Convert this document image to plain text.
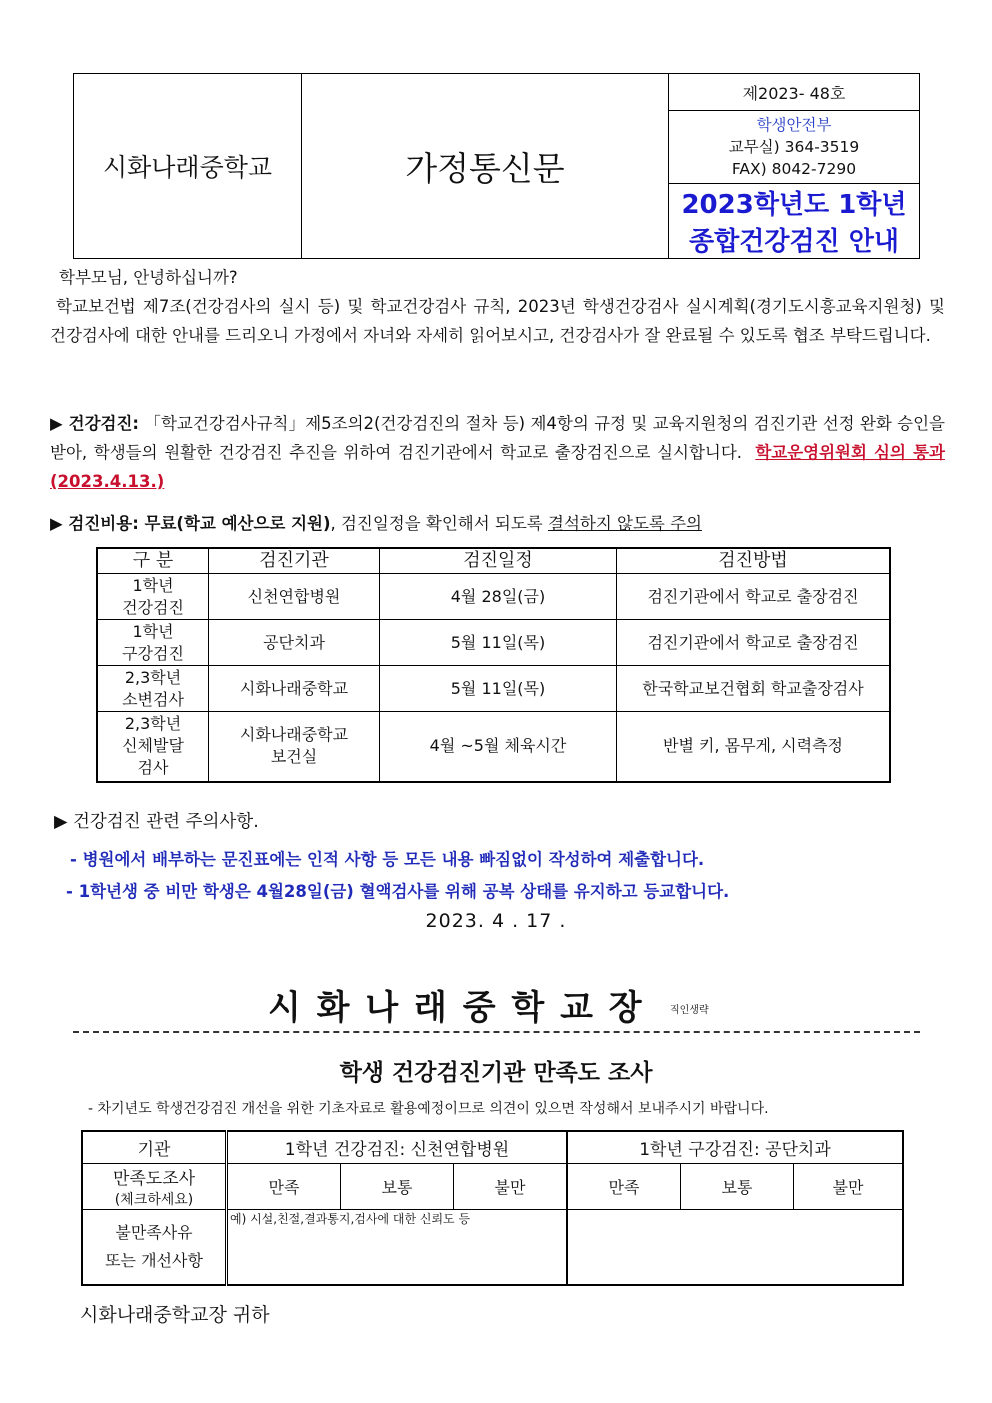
시화나래중학교	가정통신문	제2023- 48호

학생안전부
교무실) 364-3519
FAX) 8042-7290

2023학년도 1학년 종합건강검진 안내
학부모님, 안녕하십니까?
학교보건법 제7조(건강검사의 실시 등) 및 학교건강검사 규칙, 2023년 학생건강검사 실시계획(경기도시흥교육지원청) 및 건강검사에 대한 안내를 드리오니 가정에서 자녀와 자세히 읽어보시고, 건강검사가 잘 완료될 수 있도록 협조 부탁드립니다.
▶ 건강검진: 「학교건강검사규칙」제5조의2(건강검진의 절차 등) 제4항의 규정 및 교육지원청의 검진기관 선정 완화 승인을 받아, 학생들의 원활한 건강검진 추진을 위하여 검진기관에서 학교로 출장검진으로 실시합니다. 학교운영위원회 심의 통과 (2023.4.13.)
▶ 검진비용: 무료(학교 예산으로 지원), 검진일정을 확인해서 되도록 결석하지 않도록 주의
구 분	검진기관	검진일정	검진방법
1학년
건강검진	신천연합병원	4월 28일(금)	검진기관에서 학교로 출장검진
1학년
구강검진	공단치과	5월 11일(목)	검진기관에서 학교로 출장검진
2,3학년
소변검사	시화나래중학교	5월 11일(목)	한국학교보건협회 학교출장검사
2,3학년
신체발달
검사	시화나래중학교
보건실	4월 ~5월 체육시간	반별 키, 몸무게, 시력측정
▶ 건강검진 관련 주의사항.
- 병원에서 배부하는 문진표에는 인적 사항 등 모든 내용 빠짐없이 작성하여 제출합니다.
- 1학년생 중 비만 학생은 4월28일(금) 혈액검사를 위해 공복 상태를 유지하고 등교합니다.
2023. 4 . 17 .
시 화 나 래 중 학 교 장	직인생략
학생 건강검진기관 만족도 조사
- 차기년도 학생건강검진 개선을 위한 기초자료로 활용예정이므로 의견이 있으면 작성해서 보내주시기 바랍니다.
기관	1학년 건강검진: 신천연합병원			1학년 구강검진: 공단치과		

만족도조사
(체크하세요)	만족	보통	불만	만족	보통	불만

불만족사유
또는 개선사항	예) 시설,친절,결과통지,검사에 대한 신뢰도 등					
시화나래중학교장 귀하
